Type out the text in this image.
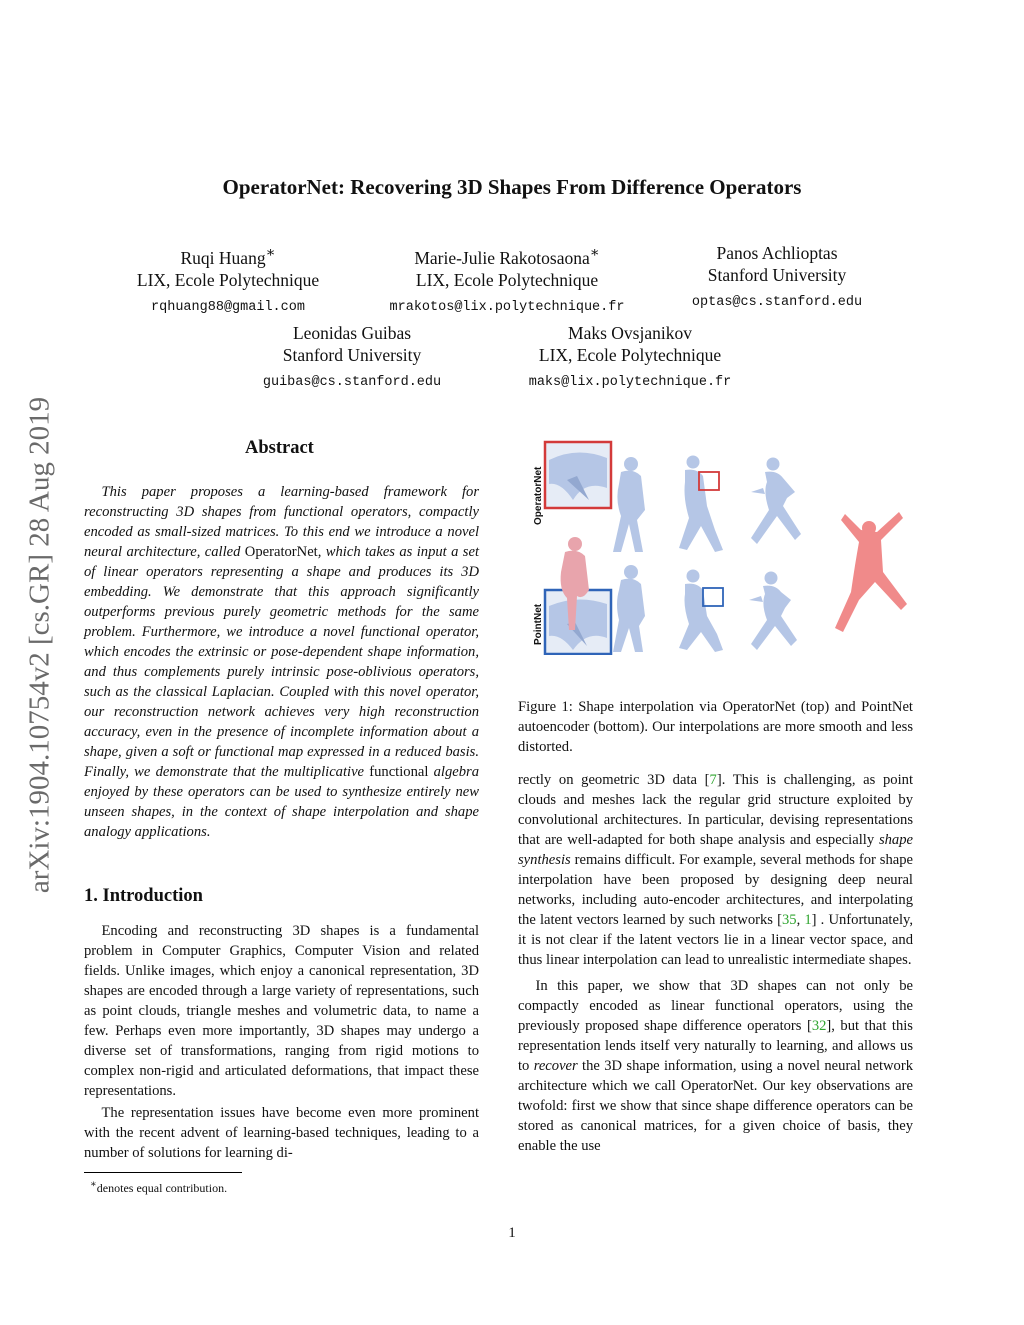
arXiv:1904.10754v2 [cs.GR] 28 Aug 2019
OperatorNet: Recovering 3D Shapes From Difference Operators
Ruqi Huang∗
LIX, Ecole Polytechnique
rqhuang88@gmail.com
Marie-Julie Rakotosaona∗
LIX, Ecole Polytechnique
mrakotos@lix.polytechnique.fr
Panos Achlioptas
Stanford University
optas@cs.stanford.edu
Leonidas Guibas
Stanford University
guibas@cs.stanford.edu
Maks Ovsjanikov
LIX, Ecole Polytechnique
maks@lix.polytechnique.fr
Abstract
This paper proposes a learning-based framework for reconstructing 3D shapes from functional operators, compactly encoded as small-sized matrices. To this end we introduce a novel neural architecture, called OperatorNet, which takes as input a set of linear operators representing a shape and produces its 3D embedding. We demonstrate that this approach significantly outperforms previous purely geometric methods for the same problem. Furthermore, we introduce a novel functional operator, which encodes the extrinsic or pose-dependent shape information, and thus complements purely intrinsic pose-oblivious operators, such as the classical Laplacian. Coupled with this novel operator, our reconstruction network achieves very high reconstruction accuracy, even in the presence of incomplete information about a shape, given a soft or functional map expressed in a reduced basis. Finally, we demonstrate that the multiplicative functional algebra enjoyed by these operators can be used to synthesize entirely new unseen shapes, in the context of shape interpolation and shape analogy applications.
1. Introduction

Encoding and reconstructing 3D shapes is a fundamental problem in Computer Graphics, Computer Vision and related fields. Unlike images, which enjoy a canonical representation, 3D shapes are encoded through a large variety of representations, such as point clouds, triangle meshes and volumetric data, to name a few. Perhaps even more importantly, 3D shapes may undergo a diverse set of transformations, ranging from rigid motions to complex non-rigid and articulated deformations, that impact these representations.

The representation issues have become even more prominent with the recent advent of learning-based techniques, leading to a number of solutions for learning di-

∗denotes equal contribution.
OperatorNet
PointNet
Figure 1: Shape interpolation via OperatorNet (top) and PointNet autoencoder (bottom). Our interpolations are more smooth and less distorted.

rectly on geometric 3D data [7]. This is challenging, as point clouds and meshes lack the regular grid structure exploited by convolutional architectures. In particular, devising representations that are well-adapted for both shape analysis and especially shape synthesis remains difficult. For example, several methods for shape interpolation have been proposed by designing deep neural networks, including auto-encoder architectures, and interpolating the latent vectors learned by such networks [35, 1] . Unfortunately, it is not clear if the latent vectors lie in a linear vector space, and thus linear interpolation can lead to unrealistic intermediate shapes.

In this paper, we show that 3D shapes can not only be compactly encoded as linear functional operators, using the previously proposed shape difference operators [32], but that this representation lends itself very naturally to learning, and allows us to recover the 3D shape information, using a novel neural network architecture which we call OperatorNet. Our key observations are twofold: first we show that since shape difference operators can be stored as canonical matrices, for a given choice of basis, they enable the use

1
